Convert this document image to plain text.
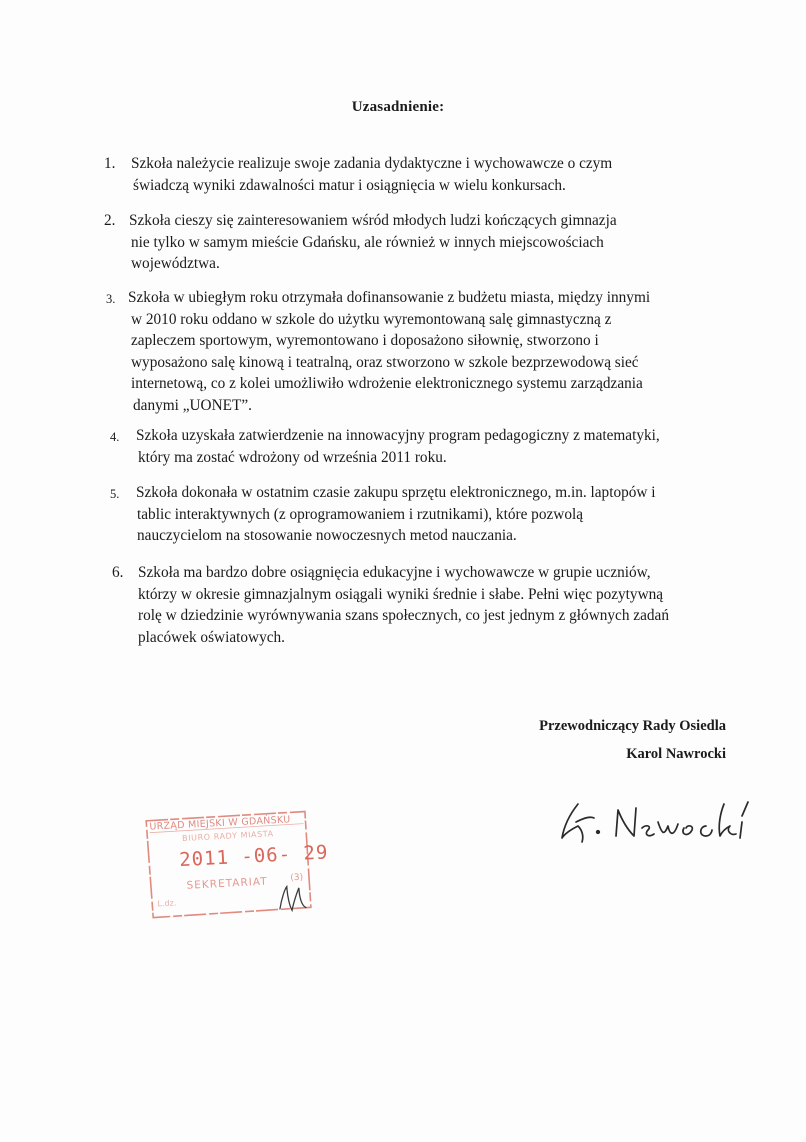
Uzasadnienie:
1. Szkoła należycie realizuje swoje zadania dydaktyczne i wychowawcze o czym
świadczą wyniki zdawalności matur i osiągnięcia w wielu konkursach.
2. Szkoła cieszy się zainteresowaniem wśród młodych ludzi kończących gimnazja
nie tylko w samym mieście Gdańsku, ale również w innych miejscowościach
województwa.
3. Szkoła w ubiegłym roku otrzymała dofinansowanie z budżetu miasta, między innymi
w 2010 roku oddano w szkole do użytku wyremontowaną salę gimnastyczną z
zapleczem sportowym, wyremontowano i doposażono siłownię, stworzono i
wyposażono salę kinową i teatralną, oraz stworzono w szkole bezprzewodową sieć
internetową, co z kolei umożliwiło wdrożenie elektronicznego systemu zarządzania
danymi „UONET”.
4. Szkoła uzyskała zatwierdzenie na innowacyjny program pedagogiczny z matematyki,
który ma zostać wdrożony od września 2011 roku.
5. Szkoła dokonała w ostatnim czasie zakupu sprzętu elektronicznego, m.in. laptopów i
tablic interaktywnych (z oprogramowaniem i rzutnikami), które pozwolą
nauczycielom na stosowanie nowoczesnych metod nauczania.
6. Szkoła ma bardzo dobre osiągnięcia edukacyjne i wychowawcze w grupie uczniów,
którzy w okresie gimnazjalnym osiągali wyniki średnie i słabe. Pełni więc pozytywną
rolę w dziedzinie wyrównywania szans społecznych, co jest jednym z głównych zadań
placówek oświatowych.
Przewodniczący Rady Osiedla
Karol Nawrocki
URZĄD MIEJSKI W GDAŃSKU
BIURO RADY MIASTA
2011 -06- 29
SEKRETARIAT
L.dz.
(3)
